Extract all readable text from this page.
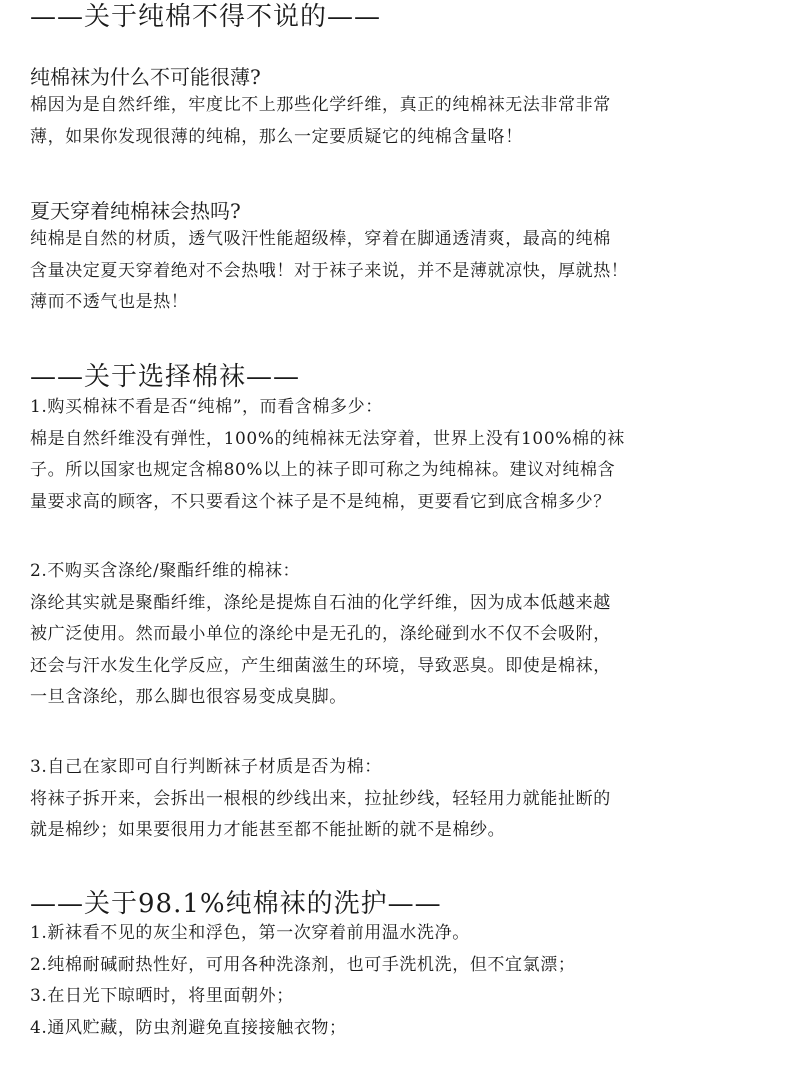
——关于纯棉不得不说的——
纯棉袜为什么不可能很薄?
棉因为是自然纤维，牢度比不上那些化学纤维，真正的纯棉袜无法非常非常
薄，如果你发现很薄的纯棉，那么一定要质疑它的纯棉含量咯！
夏天穿着纯棉袜会热吗?
纯棉是自然的材质，透气吸汗性能超级棒，穿着在脚通透清爽，最高的纯棉
含量决定夏天穿着绝对不会热哦！对于袜子来说，并不是薄就凉快，厚就热！
薄而不透气也是热！
——关于选择棉袜——
1.购买棉袜不看是否“纯棉”，而看含棉多少：
棉是自然纤维没有弹性，100%的纯棉袜无法穿着，世界上没有100%棉的袜
子。所以国家也规定含棉80%以上的袜子即可称之为纯棉袜。建议对纯棉含
量要求高的顾客，不只要看这个袜子是不是纯棉，更要看它到底含棉多少？
2.不购买含涤纶/聚酯纤维的棉袜：
涤纶其实就是聚酯纤维，涤纶是提炼自石油的化学纤维，因为成本低越来越
被广泛使用。然而最小单位的涤纶中是无孔的，涤纶碰到水不仅不会吸附，
还会与汗水发生化学反应，产生细菌滋生的环境，导致恶臭。即使是棉袜，
一旦含涤纶，那么脚也很容易变成臭脚。
3.自己在家即可自行判断袜子材质是否为棉：
将袜子拆开来，会拆出一根根的纱线出来，拉扯纱线，轻轻用力就能扯断的
就是棉纱；如果要很用力才能甚至都不能扯断的就不是棉纱。
——关于98.1%纯棉袜的洗护——
1.新袜看不见的灰尘和浮色，第一次穿着前用温水洗净。
2.纯棉耐碱耐热性好，可用各种洗涤剂，也可手洗机洗，但不宜氯漂；
3.在日光下晾晒时，将里面朝外；
4.通风贮藏，防虫剂避免直接接触衣物；
